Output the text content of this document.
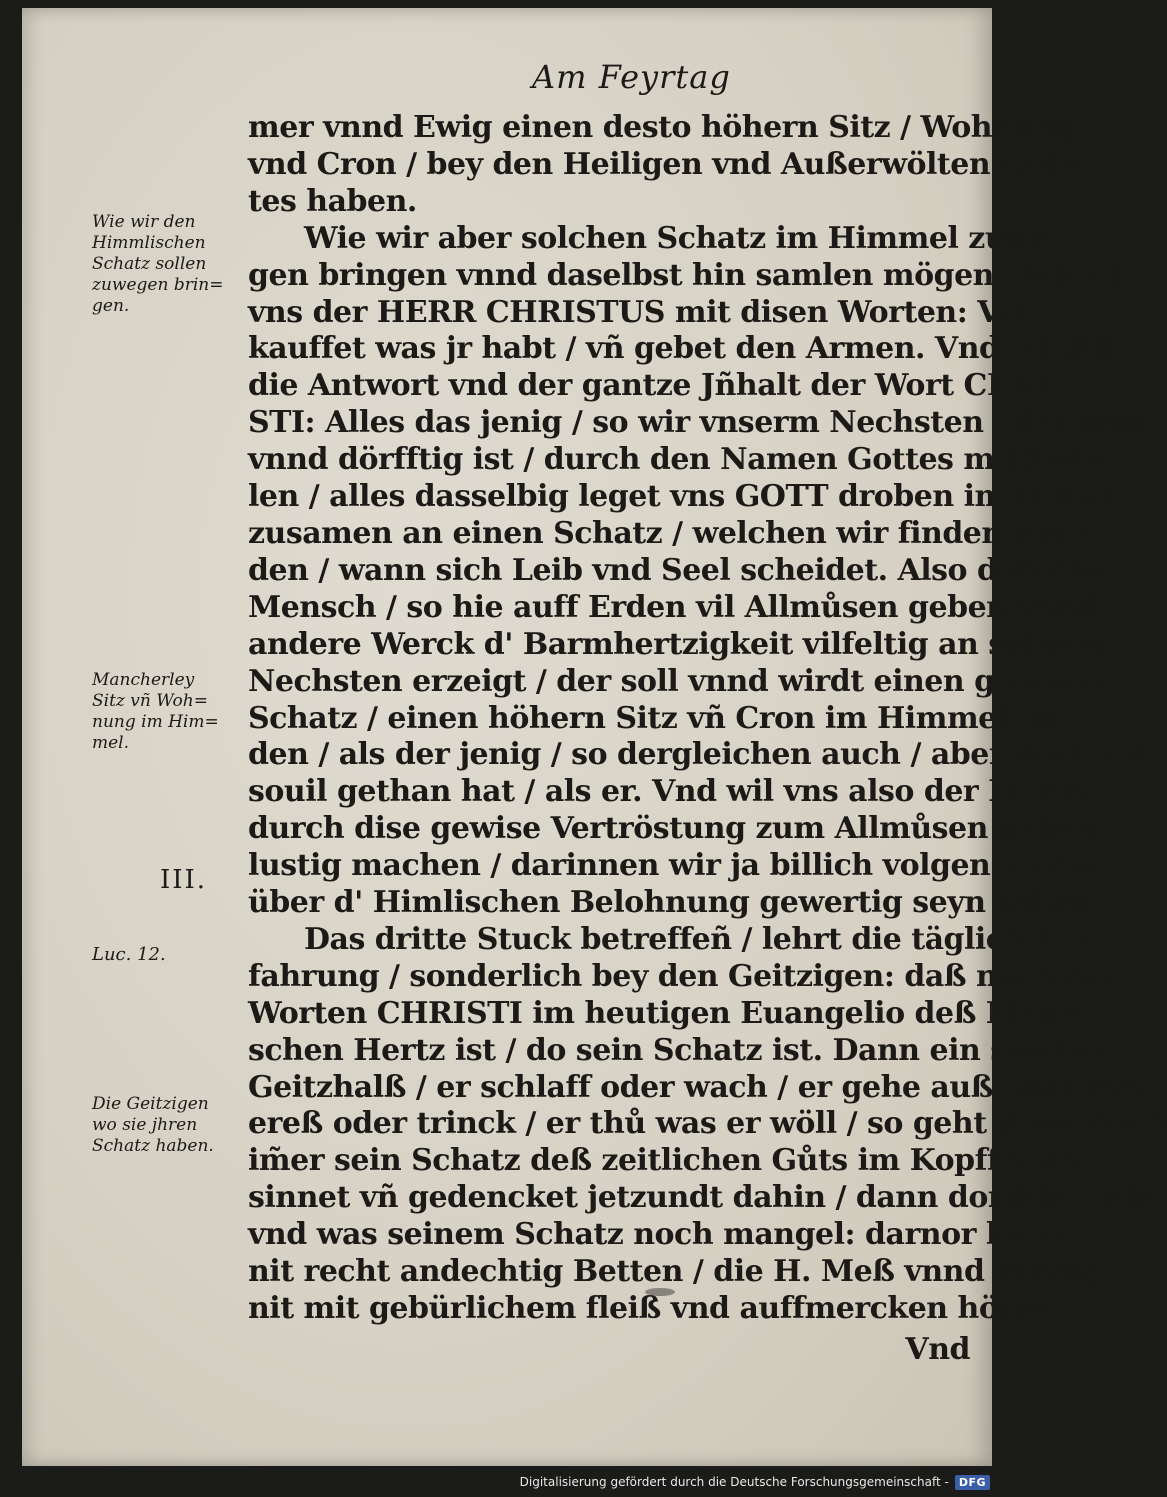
Am Feyrtag
mer vnnd Ewig einen desto höhern Sitz / Wohnung
vnd Cron / bey den Heiligen vnd Außerwölten Got=
tes haben.
Wie wir aber solchen Schatz im Himmel zuwe=
gen bringen vnnd daselbst hin samlen mögen / lehret
vns der HERR CHRISTUS mit disen Worten: Ver=
kauffet was jr habt / vñ gebet den Armen. Vnd ist diß
die Antwort vnd der gantze Jñhalt der Wort CHRI=
STI: Alles das jenig / so wir vnserm Nechsten / der arm
vnnd dörfftig ist / durch den Namen Gottes mitthei=
len / alles dasselbig leget vns GOTT droben im Himel
zusamen an einen Schatz / welchen wir finden wer=
den / wann sich Leib vnd Seel scheidet. Also daß diser
Mensch / so hie auff Erden vil Allmůsen geben vnnd
andere Werck d' Barmhertzigkeit vilfeltig an seinem
Nechsten erzeigt / der soll vnnd wirdt einen grössern
Schatz / einen höhern Sitz vñ Cron im Himmel fin=
den / als der jenig / so dergleichen auch / aber doch nit
souil gethan hat / als er. Vnd wil vns also der HERR
durch dise gewise Vertröstung zum Allmůsen geben /
lustig machen / darinnen wir ja billich volgen vñ dar=
über d' Himlischen Belohnung gewertig seyn sollen.
Das dritte Stuck betreffeñ / lehrt die täglich Er=
fahrung / sonderlich bey den Geitzigen: daß nach den
Worten CHRISTI im heutigen Euangelio deß Men=
schen Hertz ist / do sein Schatz ist. Dann ein solcher
Geitzhalß / er schlaff oder wach / er gehe auß oder eyn /
ereß oder trinck / er thů was er wöll / so geht jhme doch
im̃er sein Schatz deß zeitlichen Gůts im Kopff vmb /
sinnet vñ gedencket jetzundt dahin / dann dorthin / wie
vnd was seinem Schatz noch mangel: darnor kan er
nit recht andechtig Betten / die H. Meß vnnd Predig
nit mit gebürlichem fleiß vnd auffmercken hören.
Vnd
Wie wir den
Himmlischen
Schatz sollen
zuwegen brin=
gen.
Mancherley
Sitz vñ Woh=
nung im Him=
mel.
III.
Luc. 12.
Die Geitzigen
wo sie jhren
Schatz haben.
Digitalisierung gefördert durch die Deutsche Forschungsgemeinschaft - DFG
